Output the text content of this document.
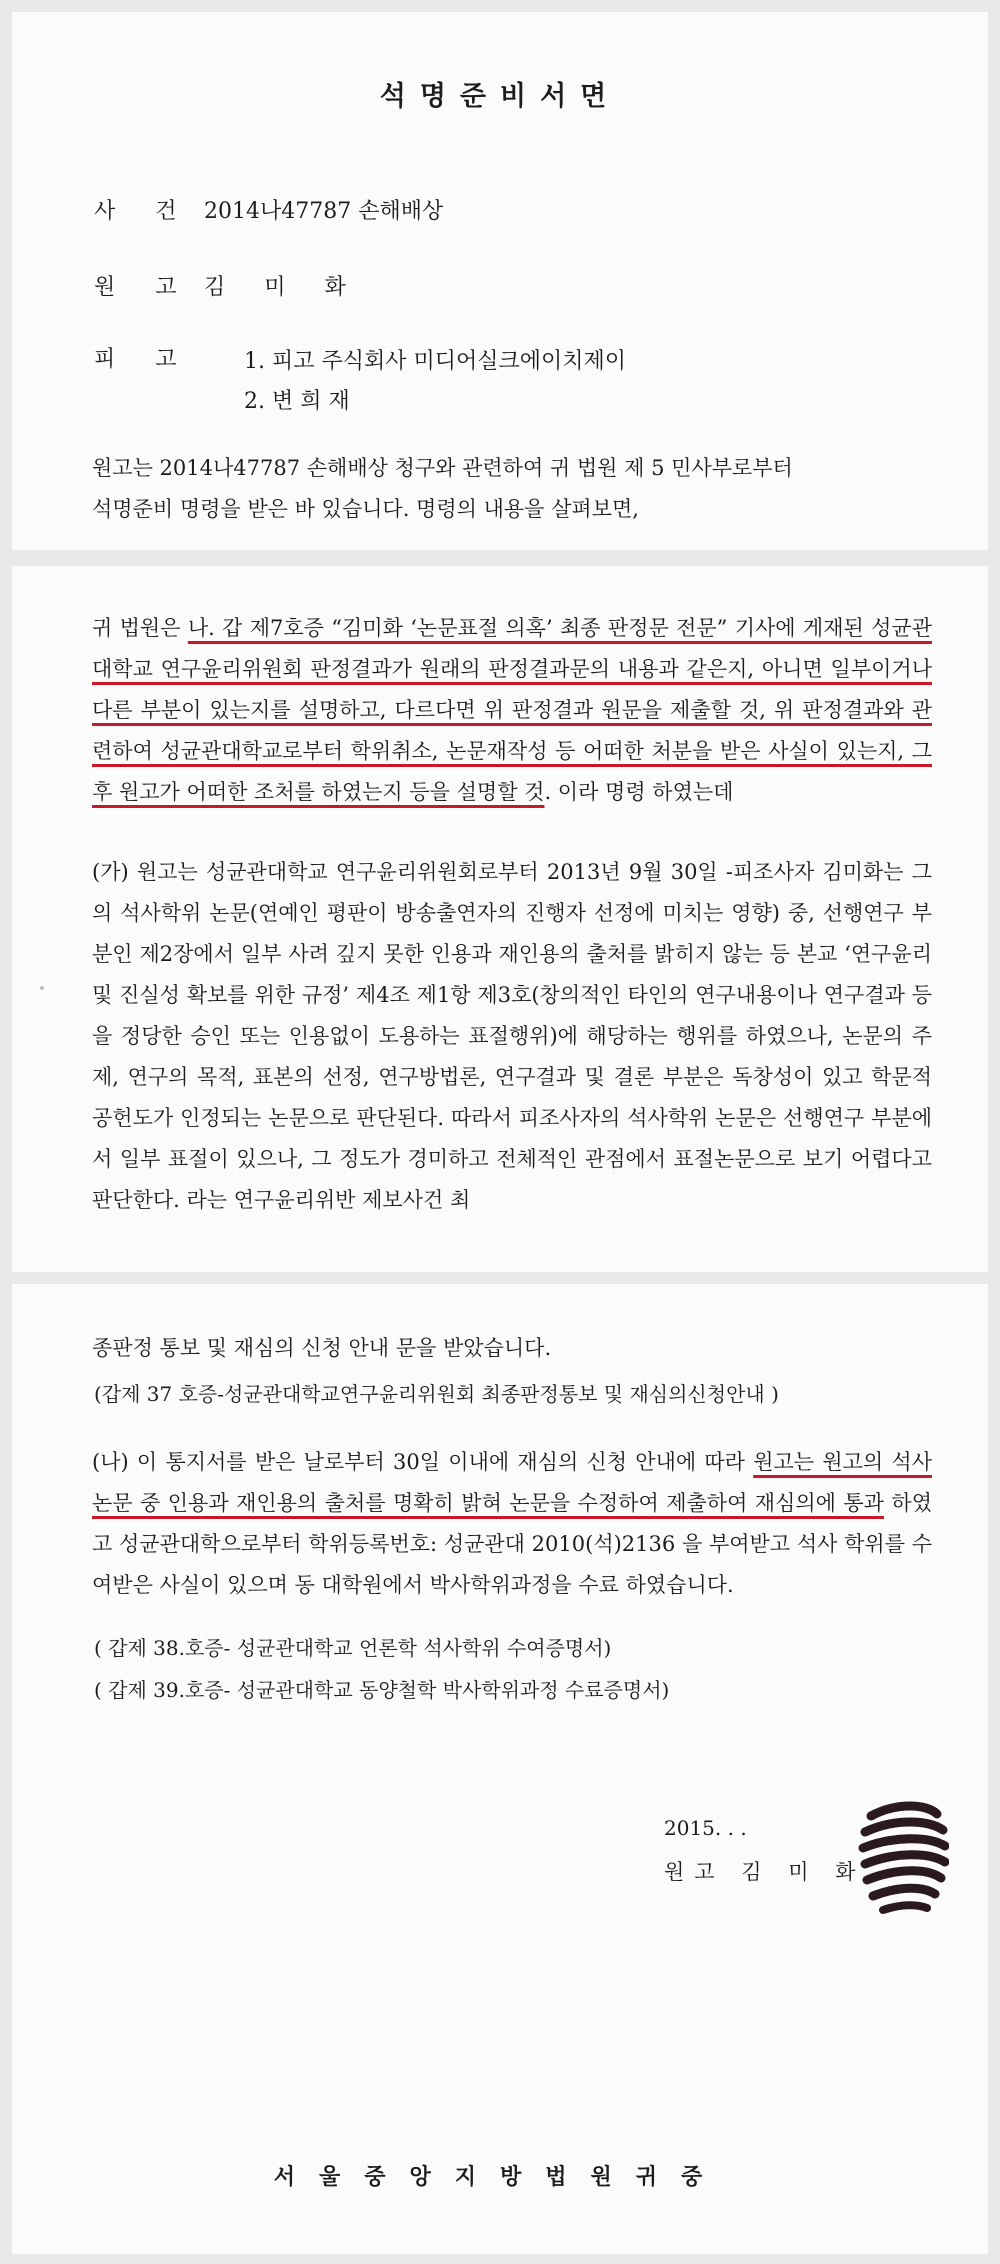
석명준비서면
사건2014나47787 손해배상
원고김 미 화
피고	1. 피고 주식회사 미디어실크에이치제이
2. 변 희 재
원고는 2014나47787 손해배상 청구와 관련하여 귀 법원 제 5 민사부로부터
석명준비 명령을 받은 바 있습니다. 명령의 내용을 살펴보면,
귀 법원은 나. 갑 제7호증 “김미화 ‘논문표절 의혹’ 최종 판정문 전문” 기사에 게재된 성균관대학교 연구윤리위원회 판정결과가 원래의 판정결과문의 내용과 같은지, 아니면 일부이거나 다른 부분이 있는지를 설명하고, 다르다면 위 판정결과 원문을 제출할 것, 위 판정결과와 관련하여 성균관대학교로부터 학위취소, 논문재작성 등 어떠한 처분을 받은 사실이 있는지, 그 후 원고가 어떠한 조처를 하였는지 등을 설명할 것. 이라 명령 하였는데
(가) 원고는 성균관대학교 연구윤리위원회로부터 2013년 9월 30일 -피조사자 김미화는 그의 석사학위 논문(연예인 평판이 방송출연자의 진행자 선정에 미치는 영향) 중, 선행연구 부분인 제2장에서 일부 사려 깊지 못한 인용과 재인용의 출처를 밝히지 않는 등 본교 ‘연구윤리 및 진실성 확보를 위한 규정’ 제4조 제1항 제3호(창의적인 타인의 연구내용이나 연구결과 등을 정당한 승인 또는 인용없이 도용하는 표절행위)에 해당하는 행위를 하였으나, 논문의 주제, 연구의 목적, 표본의 선정, 연구방법론, 연구결과 및 결론 부분은 독창성이 있고 학문적 공헌도가 인정되는 논문으로 판단된다. 따라서 피조사자의 석사학위 논문은 선행연구 부분에서 일부 표절이 있으나, 그 정도가 경미하고 전체적인 관점에서 표절논문으로 보기 어렵다고 판단한다. 라는 연구윤리위반 제보사건 최
종판정 통보 및 재심의 신청 안내 문을 받았습니다.
(갑제 37 호증-성균관대학교연구윤리위원회 최종판정통보 및 재심의신청안내 )
(나) 이 통지서를 받은 날로부터 30일 이내에 재심의 신청 안내에 따라 원고는 원고의 석사 논문 중 인용과 재인용의 출처를 명확히 밝혀 논문을 수정하여 제출하여 재심의에 통과 하였고 성균관대학으로부터 학위등록번호: 성균관대 2010(석)2136 을 부여받고 석사 학위를 수여받은 사실이 있으며 동 대학원에서 박사학위과정을 수료 하였습니다.
( 갑제 38.호증- 성균관대학교 언론학 석사학위 수여증명서)
( 갑제 39.호증- 성균관대학교 동양철학 박사학위과정 수료증명서)
2015. . .
원고 김 미 화
서울중앙지방법원귀중
